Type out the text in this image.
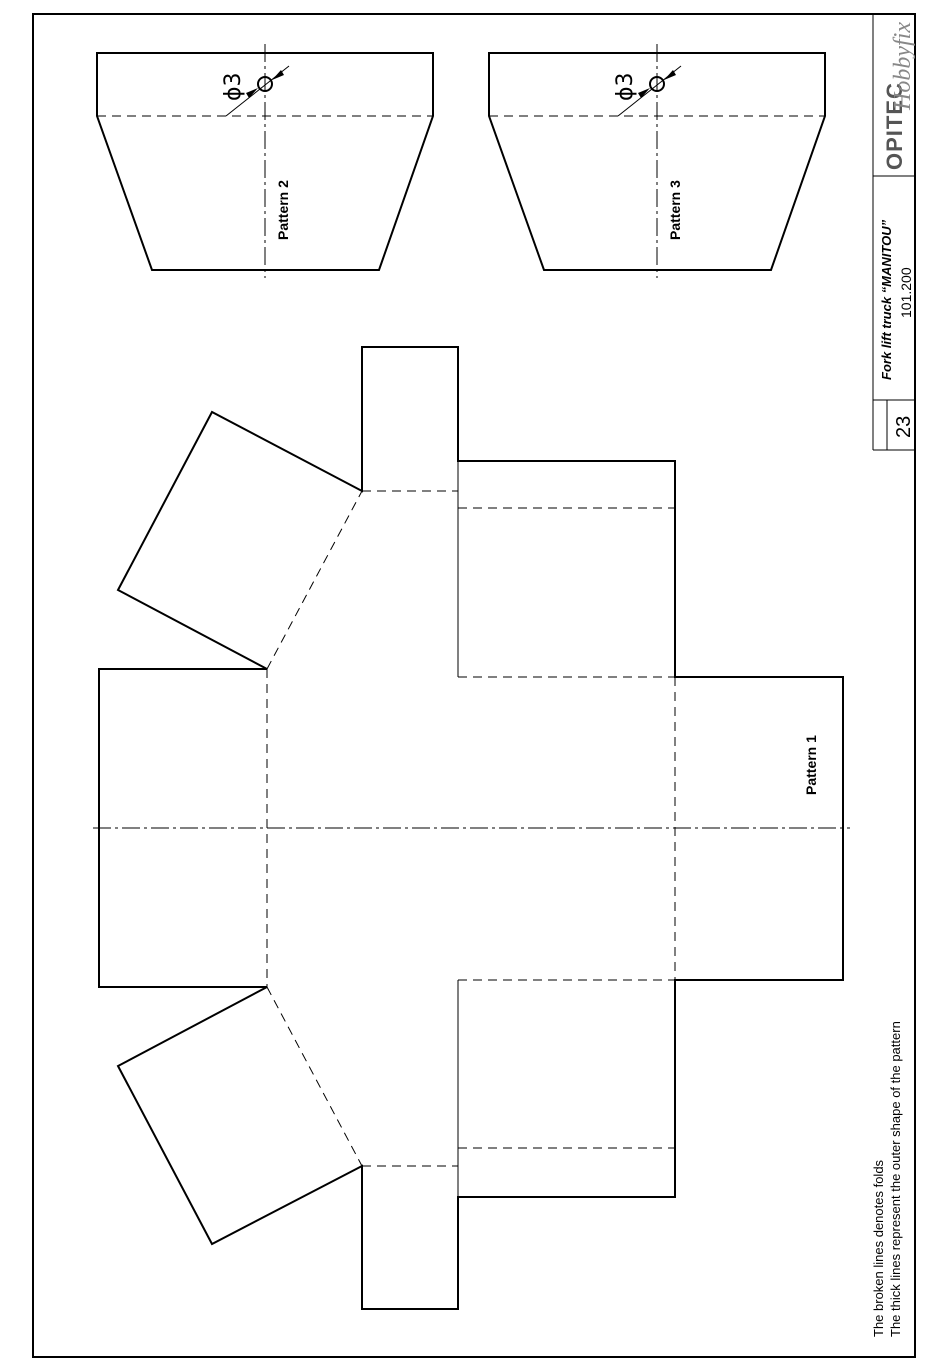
Pattern 1
ϕ3
Pattern 2
ϕ3
Pattern 3
The broken lines denotes folds The thick lines represent the outer shape of the pattern
OPITEC
Hobbyfix
Fork lift truck “MANITOU” 101.200
23
